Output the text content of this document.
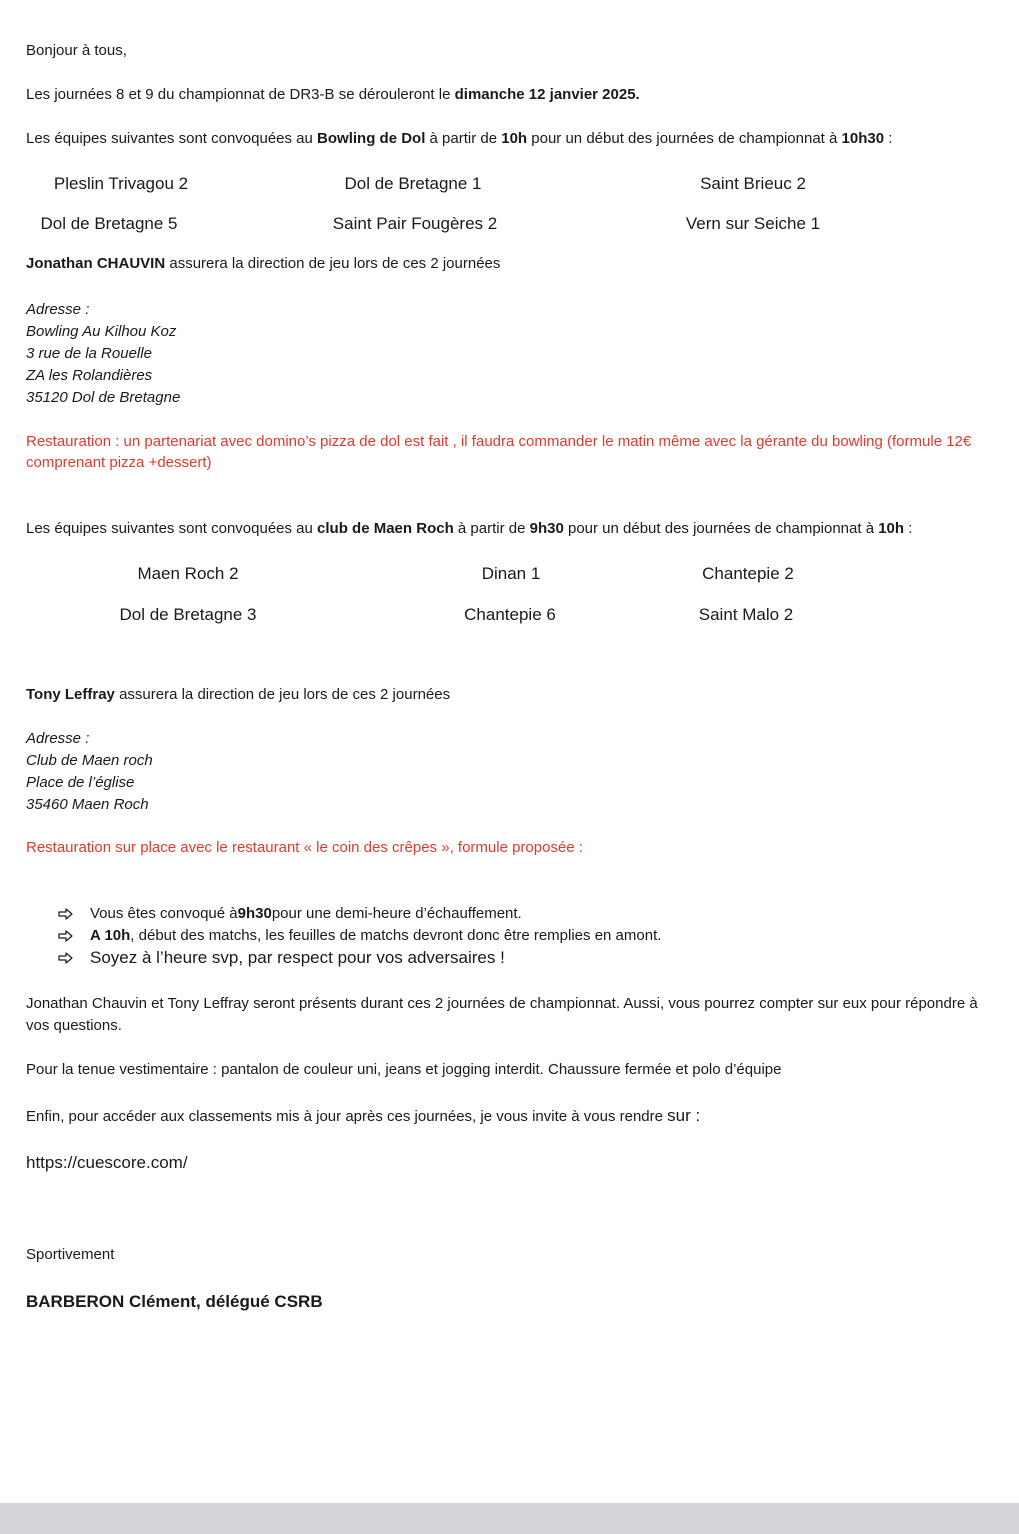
Bonjour à tous,
Les journées 8 et 9 du championnat de DR3-B se dérouleront le dimanche 12 janvier 2025.
Les équipes suivantes sont convoquées au Bowling de Dol à partir de 10h pour un début des journées de championnat à 10h30 :
Pleslin Trivagou 2	Dol de Bretagne 1	Saint Brieuc 2
Dol de Bretagne 5	Saint Pair Fougères 2	Vern sur Seiche 1
Jonathan CHAUVIN assurera la direction de jeu lors de ces 2 journées
Adresse :
Bowling Au Kilhou Koz
3 rue de la Rouelle
ZA les Rolandières
35120 Dol de Bretagne
Restauration : un partenariat avec domino’s pizza de dol est fait , il faudra commander le matin même avec la gérante du bowling (formule 12€ comprenant pizza +dessert)
Les équipes suivantes sont convoquées au club de Maen Roch à partir de 9h30 pour un début des journées de championnat à 10h :
Maen Roch 2	Dinan 1	Chantepie 2
Dol de Bretagne 3	Chantepie 6	Saint Malo 2
Tony Leffray assurera la direction de jeu lors de ces 2 journées
Adresse :
Club de Maen roch
Place de l’église
35460 Maen Roch
Restauration sur place avec le restaurant « le coin des crêpes », formule proposée :
Vous êtes convoqué à 9h30 pour une demi-heure d’échauffement.
A 10h , début des matchs, les feuilles de matchs devront donc être remplies en amont.
Soyez à l’heure svp, par respect pour vos adversaires !
Jonathan Chauvin et Tony Leffray seront présents durant ces 2 journées de championnat. Aussi, vous pourrez compter sur eux pour répondre à vos questions.
Pour la tenue vestimentaire : pantalon de couleur uni, jeans et jogging interdit. Chaussure fermée et polo d’équipe
Enfin, pour accéder aux classements mis à jour après ces journées, je vous invite à vous rendre sur :
https://cuescore.com/
Sportivement
BARBERON Clément, délégué CSRB
